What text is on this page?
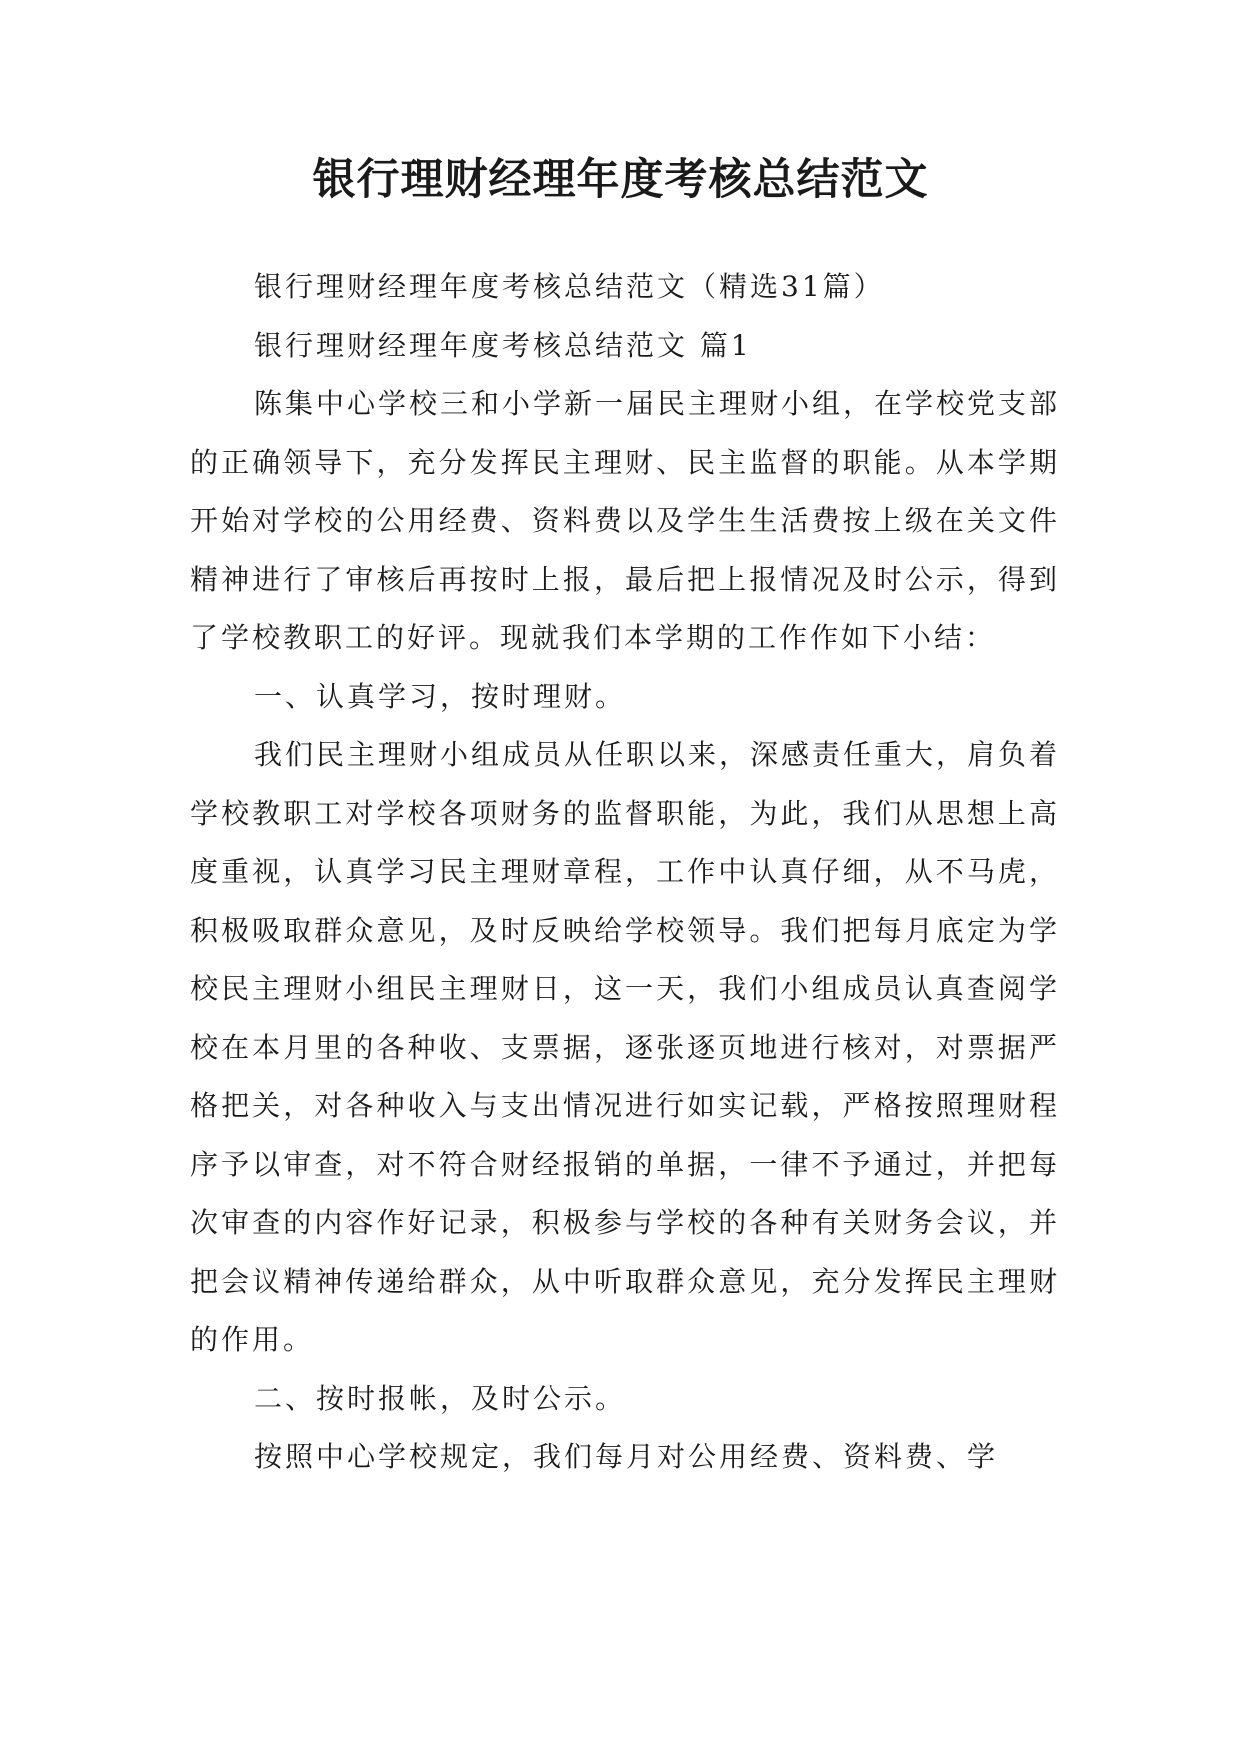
银行理财经理年度考核总结范文

银行理财经理年度考核总结范文（精选31篇）

银行理财经理年度考核总结范文 篇1

陈集中心学校三和小学新一届民主理财小组，在学校党支部的正确领导下，充分发挥民主理财、民主监督的职能。从本学期开始对学校的公用经费、资料费以及学生生活费按上级在关文件精神进行了审核后再按时上报，最后把上报情况及时公示，得到了学校教职工的好评。现就我们本学期的工作作如下小结：

一、认真学习，按时理财。

我们民主理财小组成员从任职以来，深感责任重大，肩负着学校教职工对学校各项财务的监督职能，为此，我们从思想上高度重视，认真学习民主理财章程，工作中认真仔细，从不马虎，积极吸取群众意见，及时反映给学校领导。我们把每月底定为学校民主理财小组民主理财日，这一天，我们小组成员认真查阅学校在本月里的各种收、支票据，逐张逐页地进行核对，对票据严格把关，对各种收入与支出情况进行如实记载，严格按照理财程序予以审查，对不符合财经报销的单据，一律不予通过，并把每次审查的内容作好记录，积极参与学校的各种有关财务会议，并把会议精神传递给群众，从中听取群众意见，充分发挥民主理财的作用。

二、按时报帐，及时公示。

按照中心学校规定，我们每月对公用经费、资料费、学
